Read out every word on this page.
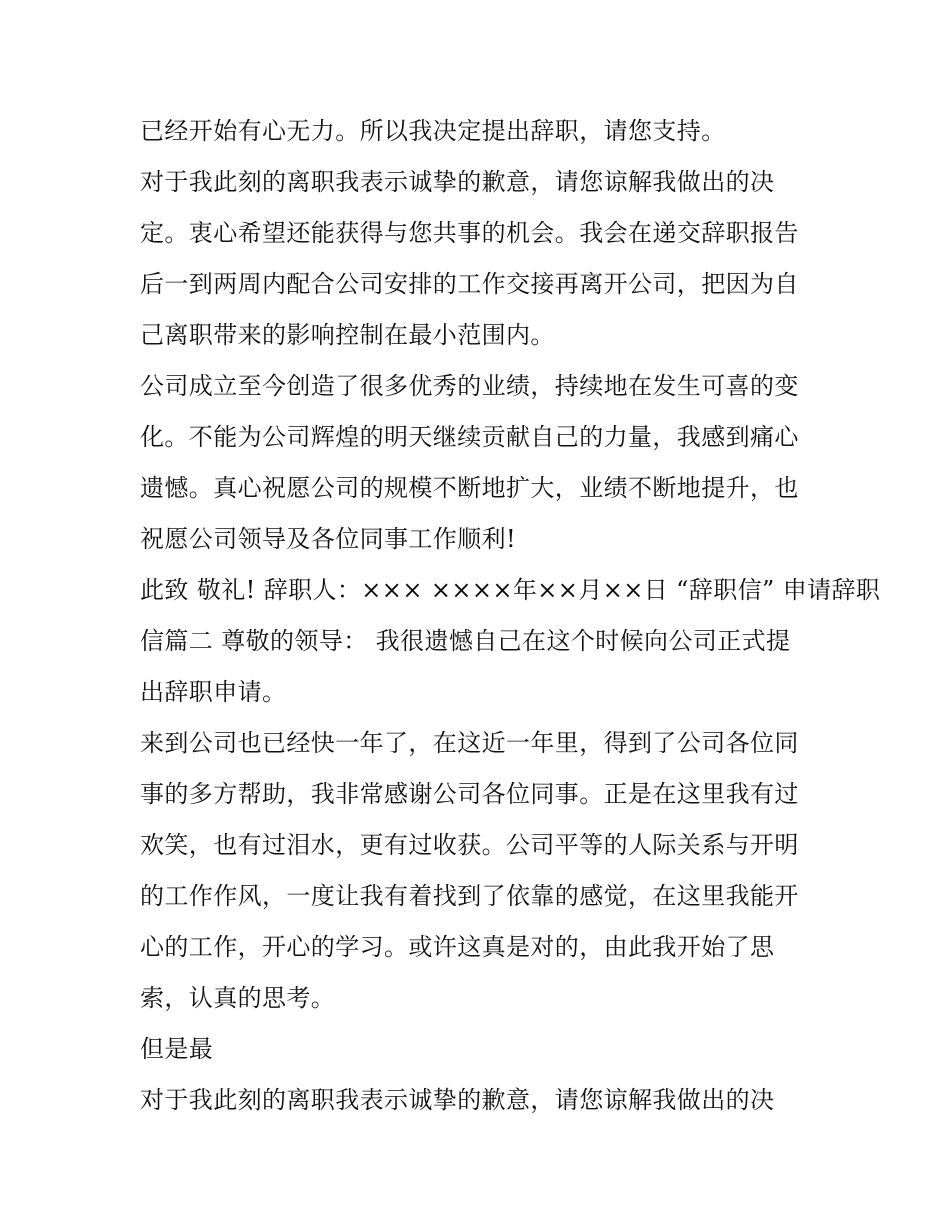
已经开始有心无力。所以我决定提出辞职，请您支持。
对于我此刻的离职我表示诚挚的歉意，请您谅解我做出的决
定。衷心希望还能获得与您共事的机会。我会在递交辞职报告
后一到两周内配合公司安排的工作交接再离开公司，把因为自
己离职带来的影响控制在最小范围内。
公司成立至今创造了很多优秀的业绩，持续地在发生可喜的变
化。不能为公司辉煌的明天继续贡献自己的力量，我感到痛心
遗憾。真心祝愿公司的规模不断地扩大，业绩不断地提升，也
祝愿公司领导及各位同事工作顺利!
此致 敬礼! 辞职人：××× ××××年××月××日 “辞职信” 申请辞职
信篇二 尊敬的领导： 我很遗憾自己在这个时候向公司正式提
出辞职申请。
来到公司也已经快一年了，在这近一年里，得到了公司各位同
事的多方帮助，我非常感谢公司各位同事。正是在这里我有过
欢笑，也有过泪水，更有过收获。公司平等的人际关系与开明
的工作作风，一度让我有着找到了依靠的感觉，在这里我能开
心的工作，开心的学习。或许这真是对的，由此我开始了思
索，认真的思考。
但是最
对于我此刻的离职我表示诚挚的歉意，请您谅解我做出的决
